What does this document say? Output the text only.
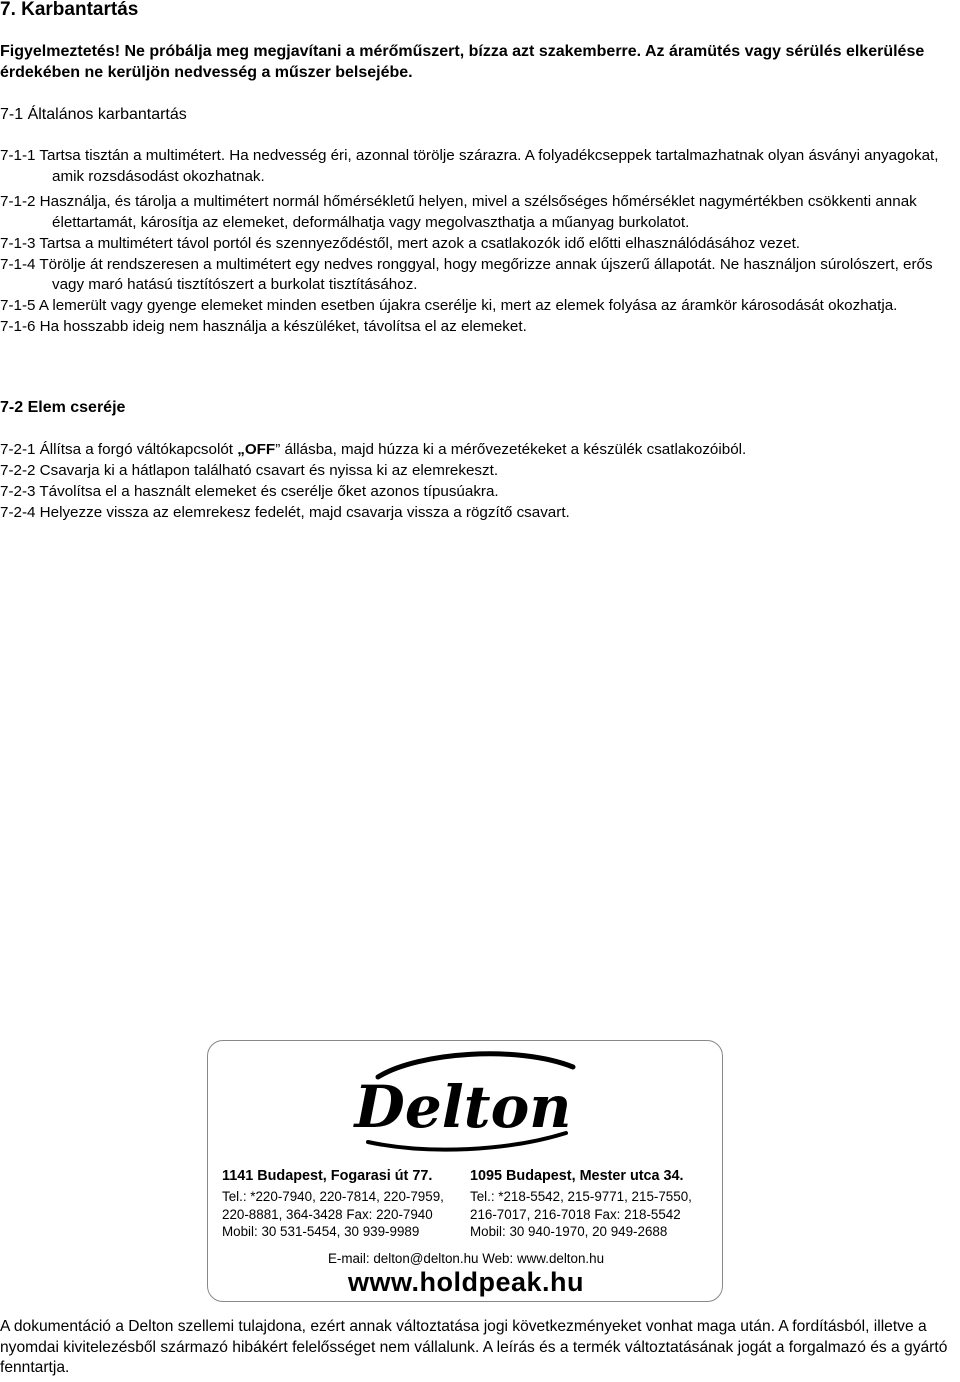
7. Karbantartás

Figyelmeztetés! Ne próbálja meg megjavítani a mérőműszert, bízza azt szakemberre. Az áramütés vagy sérülés elkerülése érdekében ne kerüljön nedvesség a műszer belsejébe.

7-1 Általános karbantartás

7-1-1 Tartsa tisztán a multimétert. Ha nedvesség éri, azonnal törölje szárazra. A folyadékcseppek tartalmazhatnak olyan ásványi anyagokat, amik rozsdásodást okozhatnak.
7-1-2 Használja, és tárolja a multimétert normál hőmérsékletű helyen, mivel a szélsőséges hőmérséklet nagymértékben csökkenti annak élettartamát, károsítja az elemeket, deformálhatja vagy megolvaszthatja a műanyag burkolatot.
7-1-3 Tartsa a multimétert távol portól és szennyeződéstől, mert azok a csatlakozók idő előtti elhasználódásához vezet.
7-1-4 Törölje át rendszeresen a multimétert egy nedves ronggyal, hogy megőrizze annak újszerű állapotát. Ne használjon súrolószert, erős vagy maró hatású tisztítószert a burkolat tisztításához.
7-1-5 A lemerült vagy gyenge elemeket minden esetben újakra cserélje ki, mert az elemek folyása az áramkör károsodását okozhatja.
7-1-6 Ha hosszabb ideig nem használja a készüléket, távolítsa el az elemeket.

7-2 Elem cseréje

7-2-1 Állítsa a forgó váltókapcsolót „OFF” állásba, majd húzza ki a mérővezetékeket a készülék csatlakozóiból.
7-2-2 Csavarja ki a hátlapon található csavart és nyissa ki az elemrekeszt.
7-2-3 Távolítsa el a használt elemeket és cserélje őket azonos típusúakra.
7-2-4 Helyezze vissza az elemrekesz fedelét, majd csavarja vissza a rögzítő csavart.
Delton
1141 Budapest, Fogarasi út 77.
Tel.: *220-7940, 220-7814, 220-7959,
220-8881, 364-3428 Fax: 220-7940
Mobil: 30 531-5454, 30 939-9989
1095 Budapest, Mester utca 34.
Tel.: *218-5542, 215-9771, 215-7550,
216-7017, 216-7018 Fax: 218-5542
Mobil: 30 940-1970, 20 949-2688
E-mail: delton@delton.hu Web: www.delton.hu
www.holdpeak.hu

A dokumentáció a Delton szellemi tulajdona, ezért annak változtatása jogi következményeket vonhat maga után. A fordításból, illetve a nyomdai kivitelezésből származó hibákért felelősséget nem vállalunk. A leírás és a termék változtatásának jogát a forgalmazó és a gyártó fenntartja.
